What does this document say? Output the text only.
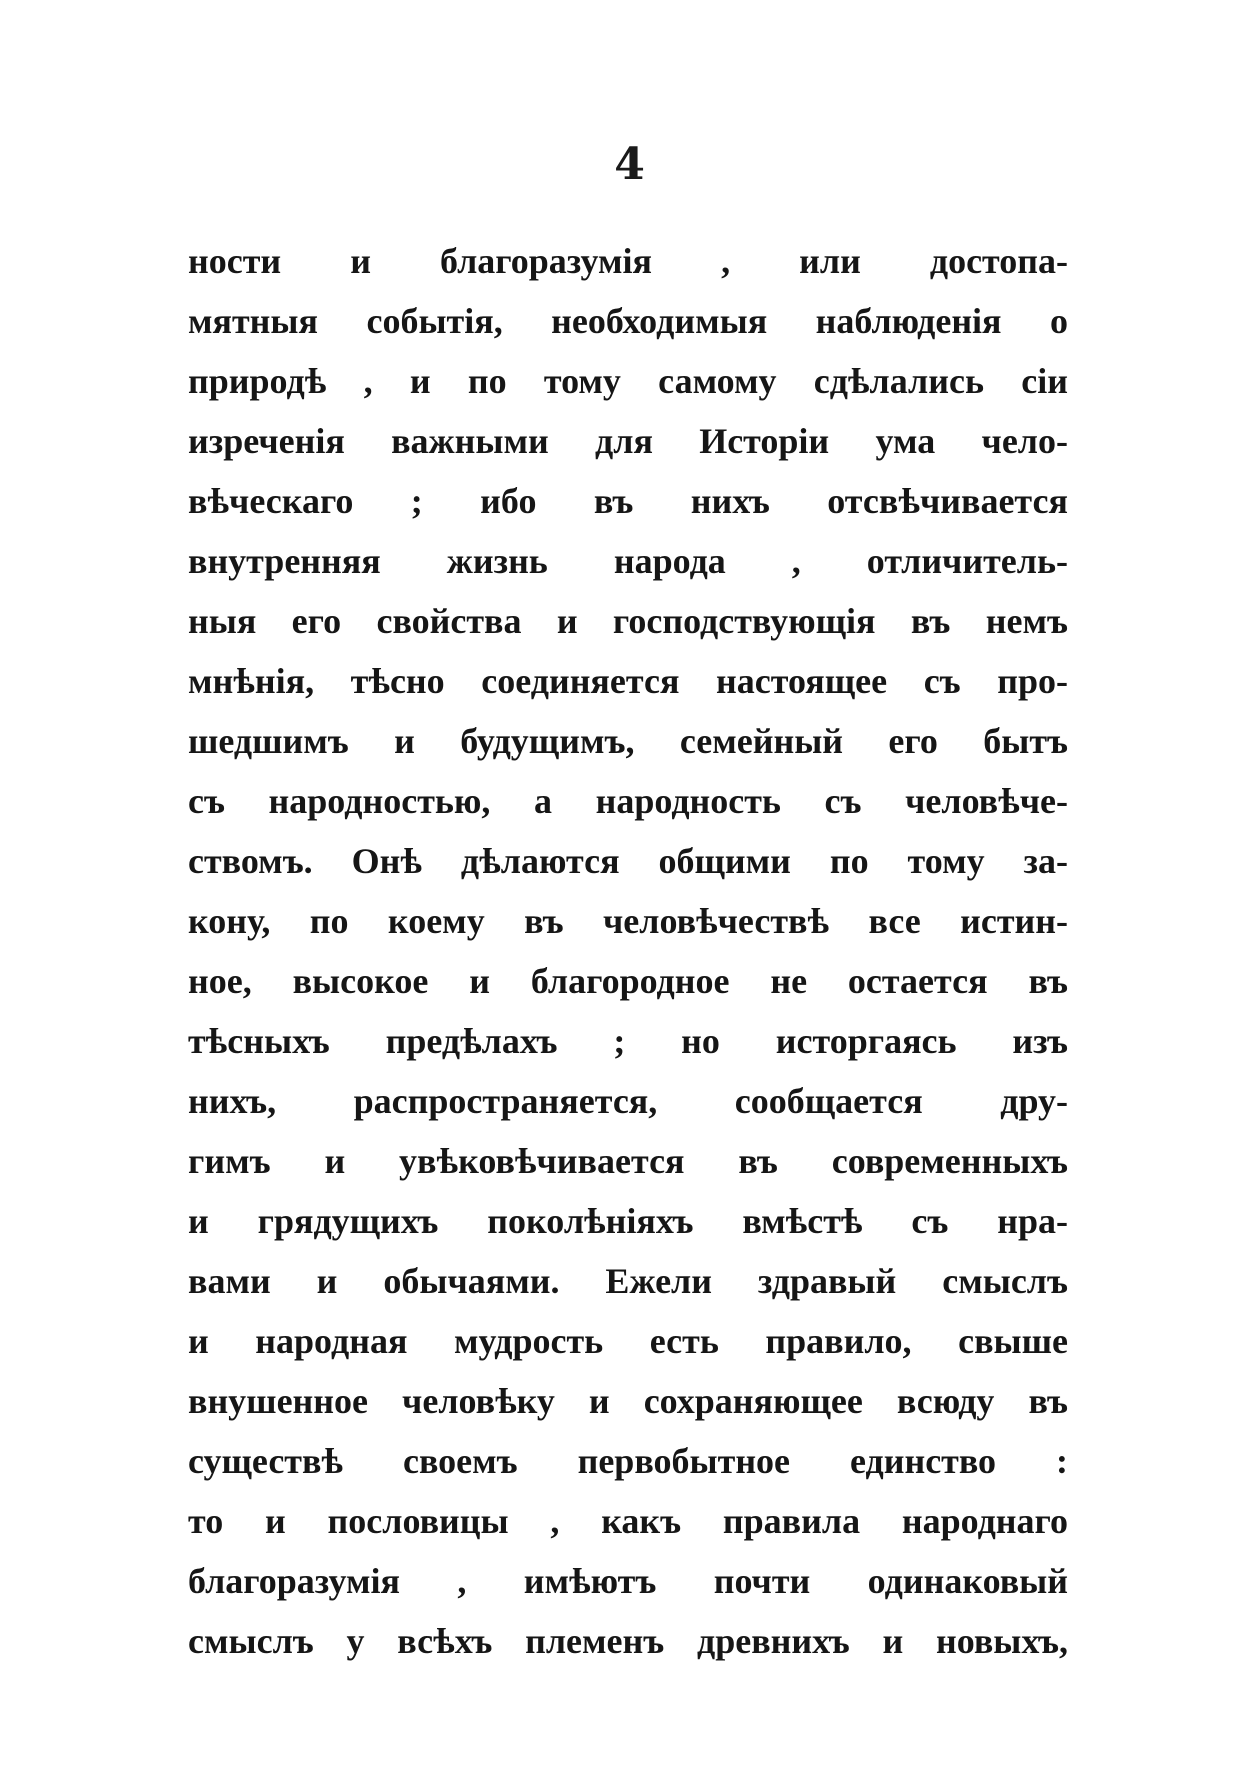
4
ности и благоразумія , или достопа-
мятныя событія, необходимыя наблюденія о
природѣ , и по тому самому сдѣлались сіи
изреченія важными для Исторіи ума чело-
вѣческаго ; ибо въ нихъ отсвѣчивается
внутренняя жизнь народа , отличитель-
ныя его свойства и господствующія въ немъ
мнѣнія, тѣсно соединяется настоящее съ про-
шедшимъ и будущимъ, семейный его бытъ
съ народностью, а народность съ человѣче-
ствомъ. Онѣ дѣлаются общими по тому за-
кону, по коему въ человѣчествѣ все истин-
ное, высокое и благородное не остается въ
тѣсныхъ предѣлахъ ; но исторгаясь изъ
нихъ, распространяется, сообщается дру-
гимъ и увѣковѣчивается въ современныхъ
и грядущихъ поколѣніяхъ вмѣстѣ съ нра-
вами и обычаями. Ежели здравый смыслъ
и народная мудрость есть правило, свыше
внушенное человѣку и сохраняющее всюду въ
существѣ своемъ первобытное единство :
то и пословицы , какъ правила народнаго
благоразумія , имѣютъ почти одинаковый
смыслъ у всѣхъ племенъ древнихъ и новыхъ,
